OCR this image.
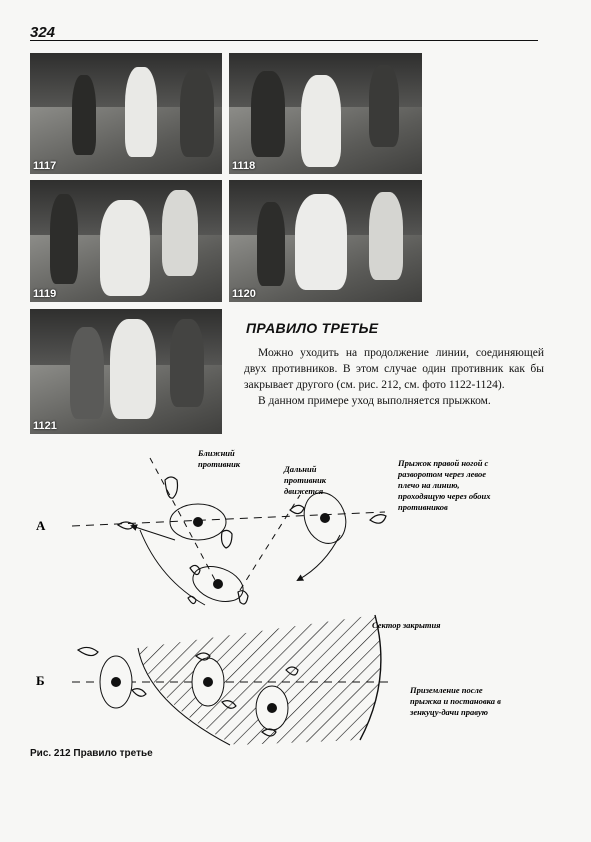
324
1117	1118
1119	1120
1121
ПРАВИЛО ТРЕТЬЕ

Можно уходить на продолжение линии, соединяющей двух противников. В этом случае один противник как бы закрывает другого (см. рис. 212, см. фото 1122-1124).

В данном примере уход выполняется прыжком.

А
Ближний противник	Дальний противник движется
Прыжок правой ногой с разворотом через левое плечо на линию, проходящую через обоих противников
Б
Сектор закрытия
Приземление после прыжка и постановка в зенкуцу-дачи правую
Рис. 212 Правило третье
